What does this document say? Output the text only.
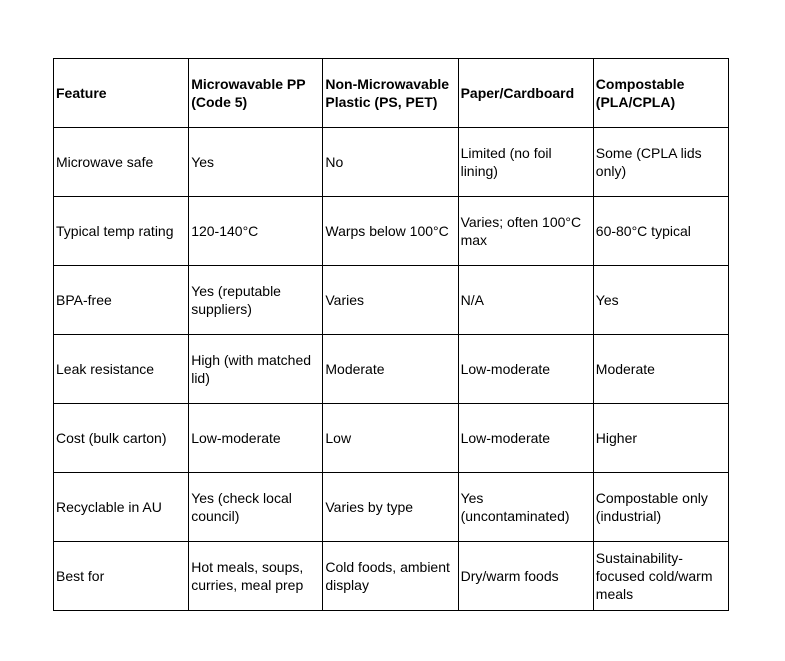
Feature	Microwavable PP (Code 5)	Non-Microwavable Plastic (PS, PET)	Paper/Cardboard	Compostable (PLA/CPLA)
Microwave safe	Yes	No	Limited (no foil lining)	Some (CPLA lids only)
Typical temp rating	120-140°C	Warps below 100°C	Varies; often 100°C max	60-80°C typical
BPA-free	Yes (reputable suppliers)	Varies	N/A	Yes
Leak resistance	High (with matched lid)	Moderate	Low-moderate	Moderate
Cost (bulk carton)	Low-moderate	Low	Low-moderate	Higher
Recyclable in AU	Yes (check local council)	Varies by type	Yes (uncontaminated)	Compostable only (industrial)
Best for	Hot meals, soups, curries, meal prep	Cold foods, ambient display	Dry/warm foods	Sustainability-focused cold/warm meals
